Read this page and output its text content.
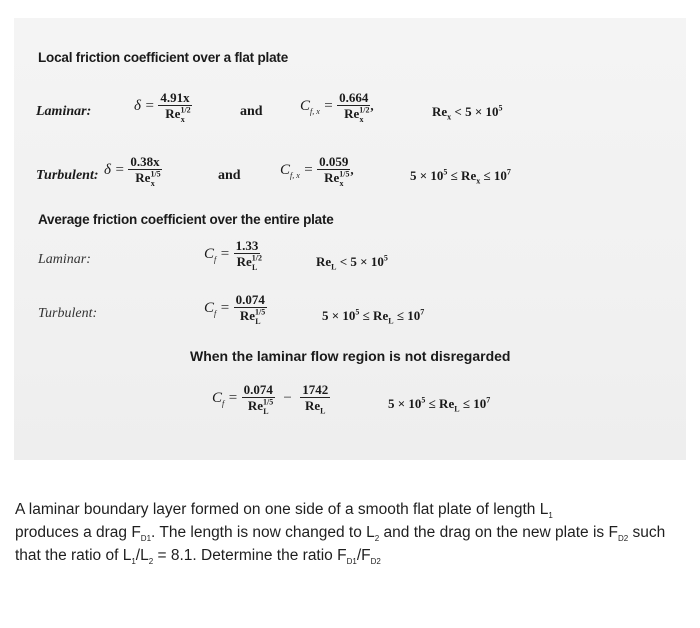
Local friction coefficient over a flat plate
Laminar:	$\delta = \frac{4.91x}{Re^{1/2}_x}$	and $C_{f, x} = \frac{0.664}{Re^{1/2}_x}$ ,	$Re_x < 5 \times 10^5$
Turbulent: $\delta = \frac{0.38x}{Re^{1/5}_x}$	and	$C_{f, x} = \frac{0.059}{Re^{1/5}_x}$ ,	$5 \times 10^5 \le Re_x \le 10^7$
Average friction coefficient over the entire plate
Laminar:	$C_f = \frac{1.33}{Re^{1/2}_L}$	$Re_L < 5 \times 10^5$
Turbulent:	$C_f = \frac{0.074}{Re^{1/5}_L}$	$5 \times 10^5 \le Re_L \le 10^7$
When the laminar flow region is not disregarded
$C_f = \frac{0.074}{Re^{1/5}_L} - \frac{1742}{Re_L}$	$5 \times 10^5 \le Re_L \le 10^7$
A laminar boundary layer formed on one side of a smooth flat plate of length $L_1$
produces a drag $F_{D1}$. The length is now changed to $L_2$ and the drag on the new plate is $F_{D2}$ such that the ratio of $L_1/L_2 = 8.1$. Determine the ratio $F_{D1}/F_{D2}$
